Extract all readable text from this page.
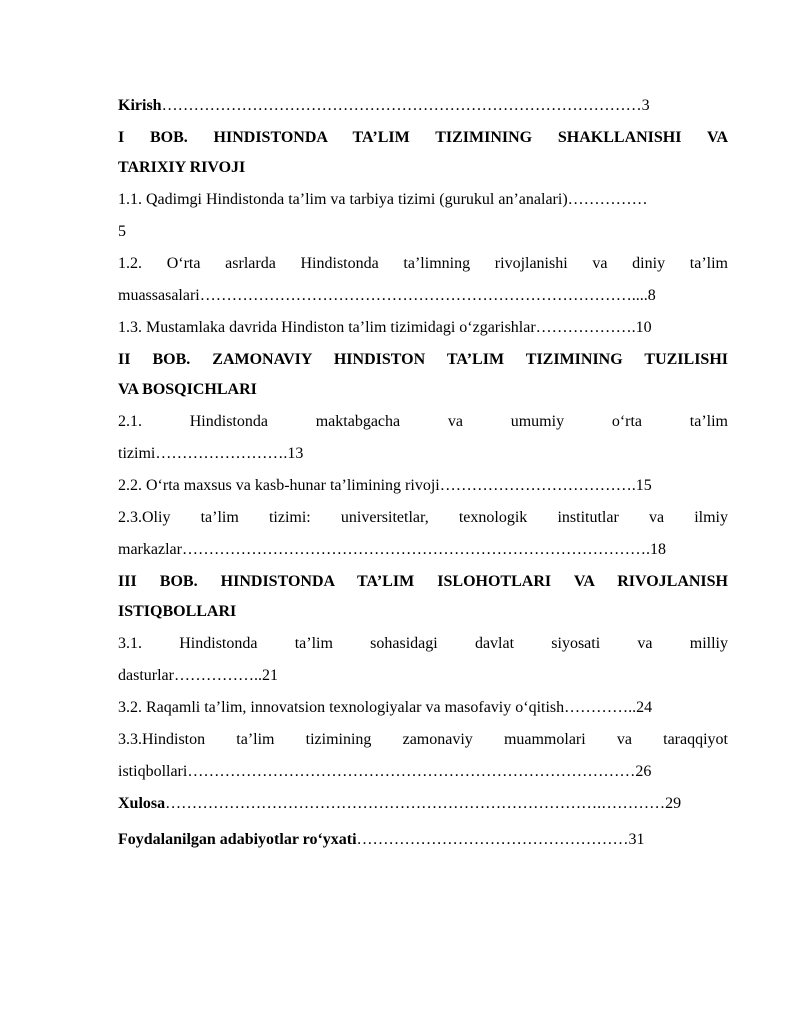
Kirish………………………………………………………………………………3
I BOB. HINDISTONDA TA’LIM TIZIMINING SHAKLLANISHI VA
TARIXIY RIVOJI
1.1. Qadimgi Hindistonda ta’lim va tarbiya tizimi (gurukul an’analari)……………
5
1.2. O‘rta asrlarda Hindistonda ta’limning rivojlanishi va diniy ta’lim
muassasalari………………………………………………………………………....8
1.3. Mustamlaka davrida Hindiston ta’lim tizimidagi o‘zgarishlar……………….10
II BOB. ZAMONAVIY HINDISTON TA’LIM TIZIMINING TUZILISHI
VA BOSQICHLARI
2.1. Hindistonda maktabgacha va umumiy o‘rta ta’lim
tizimi…………………….13
2.2. O‘rta maxsus va kasb-hunar ta’limining rivoji……………………………….15
2.3.Oliy ta’lim tizimi: universitetlar, texnologik institutlar va ilmiy
markazlar…………………………………………………………………………….18
III BOB. HINDISTONDA TA’LIM ISLOHOTLARI VA RIVOJLANISH
ISTIQBOLLARI
3.1. Hindistonda ta’lim sohasidagi davlat siyosati va milliy
dasturlar……………..21
3.2. Raqamli ta’lim, innovatsion texnologiyalar va masofaviy o‘qitish…………..24
3.3.Hindiston ta’lim tizimining zamonaviy muammolari va taraqqiyot
istiqbollari…………………………………………………………………………26
Xulosa……………………………………………………………………….…………29
Foydalanilgan adabiyotlar ro‘yxati……………………………………………31
